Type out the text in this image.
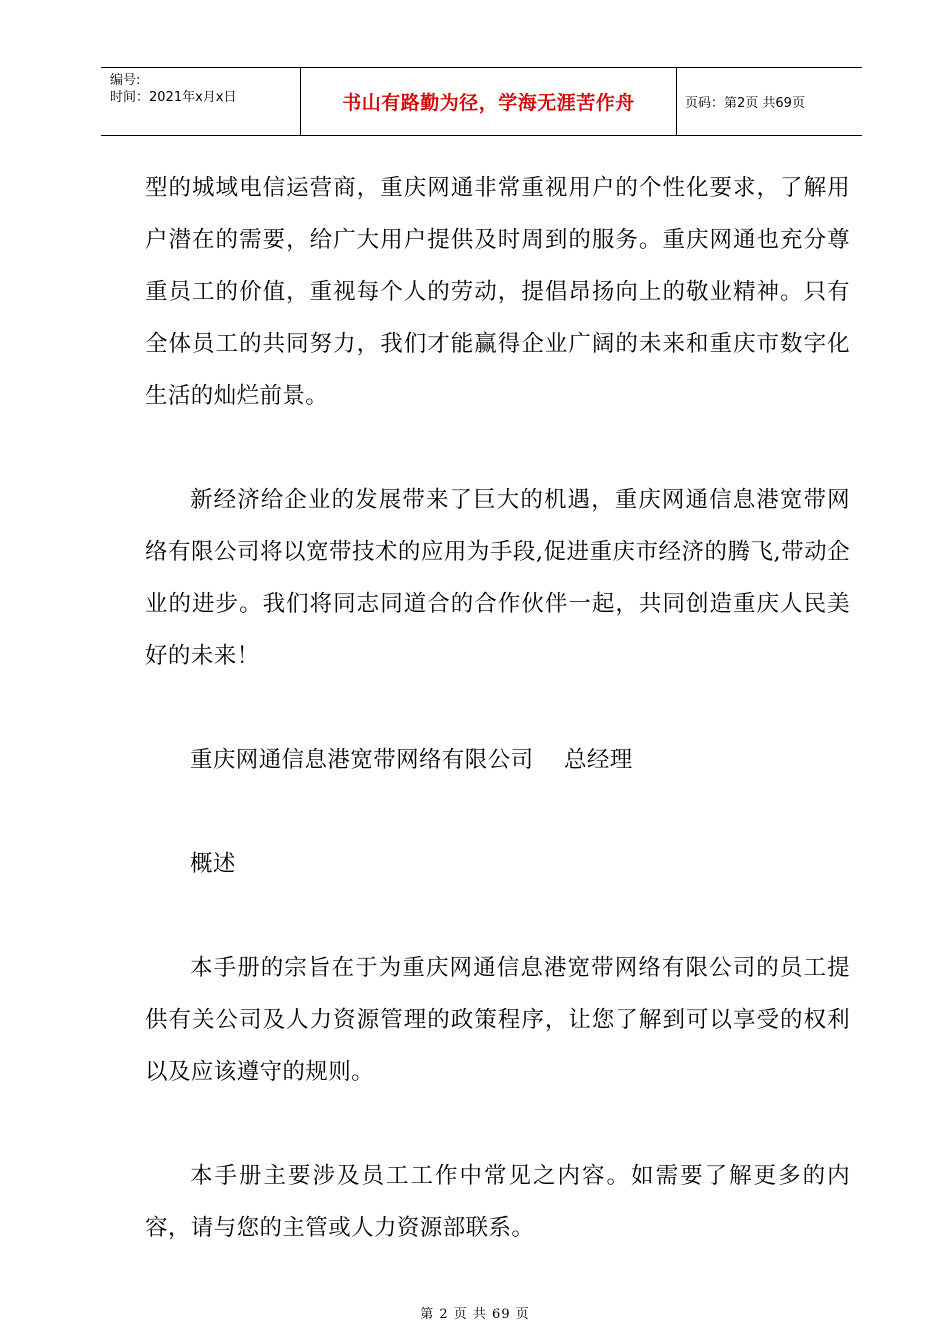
编号:
时间：2021年x月x日	书山有路勤为径，学海无涯苦作舟	页码：第2页 共69页

型的城域电信运营商，重庆网通非常重视用户的个性化要求，了解用户潜在的需要，给广大用户提供及时周到的服务。重庆网通也充分尊重员工的价值，重视每个人的劳动，提倡昂扬向上的敬业精神。只有全体员工的共同努力，我们才能赢得企业广阔的未来和重庆市数字化生活的灿烂前景。

新经济给企业的发展带来了巨大的机遇，重庆网通信息港宽带网络有限公司将以宽带技术的应用为手段,促进重庆市经济的腾飞,带动企业的进步。我们将同志同道合的合作伙伴一起，共同创造重庆人民美好的未来！

重庆网通信息港宽带网络有限公司　 总经理

概述

本手册的宗旨在于为重庆网通信息港宽带网络有限公司的员工提供有关公司及人力资源管理的政策程序，让您了解到可以享受的权利以及应该遵守的规则。

本手册主要涉及员工工作中常见之内容。如需要了解更多的内容，请与您的主管或人力资源部联系。

第 2 页 共 69 页
